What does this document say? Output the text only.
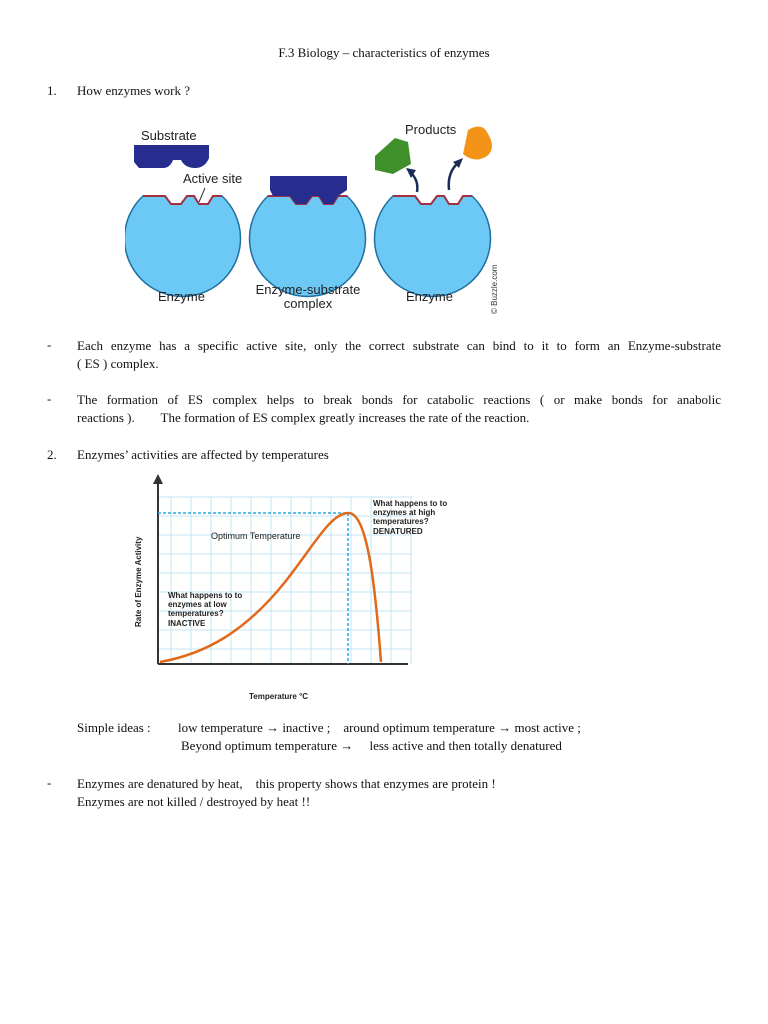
F.3 Biology – characteristics of enzymes
1. How enzymes work ?
Substrate
Active site
Products
Enzyme	Enzyme-substrate
complex	Enzyme	© Buzzle.com
- Each enzyme has a specific active site, only the correct substrate can bind to it to form an Enzyme-substrate
( ES ) complex.
- The formation of ES complex helps to break bonds for catabolic reactions ( or make bonds for anabolic
reactions ).        The formation of ES complex greatly increases the rate of the reaction.
2. Enzymes’ activities are affected by temperatures
Rate of Enzyme Activity
Temperature °C
Optimum Temperature
What happens to to enzymes at low temperatures? INACTIVE
What happens to to enzymes at high temperatures? DENATURED
Simple ideas : low temperature → inactive ;    around optimum temperature → most active ;
Beyond optimum temperature →     less active and then totally denatured
- Enzymes are denatured by heat,    this property shows that enzymes are protein !
Enzymes are not killed / destroyed by heat !!
